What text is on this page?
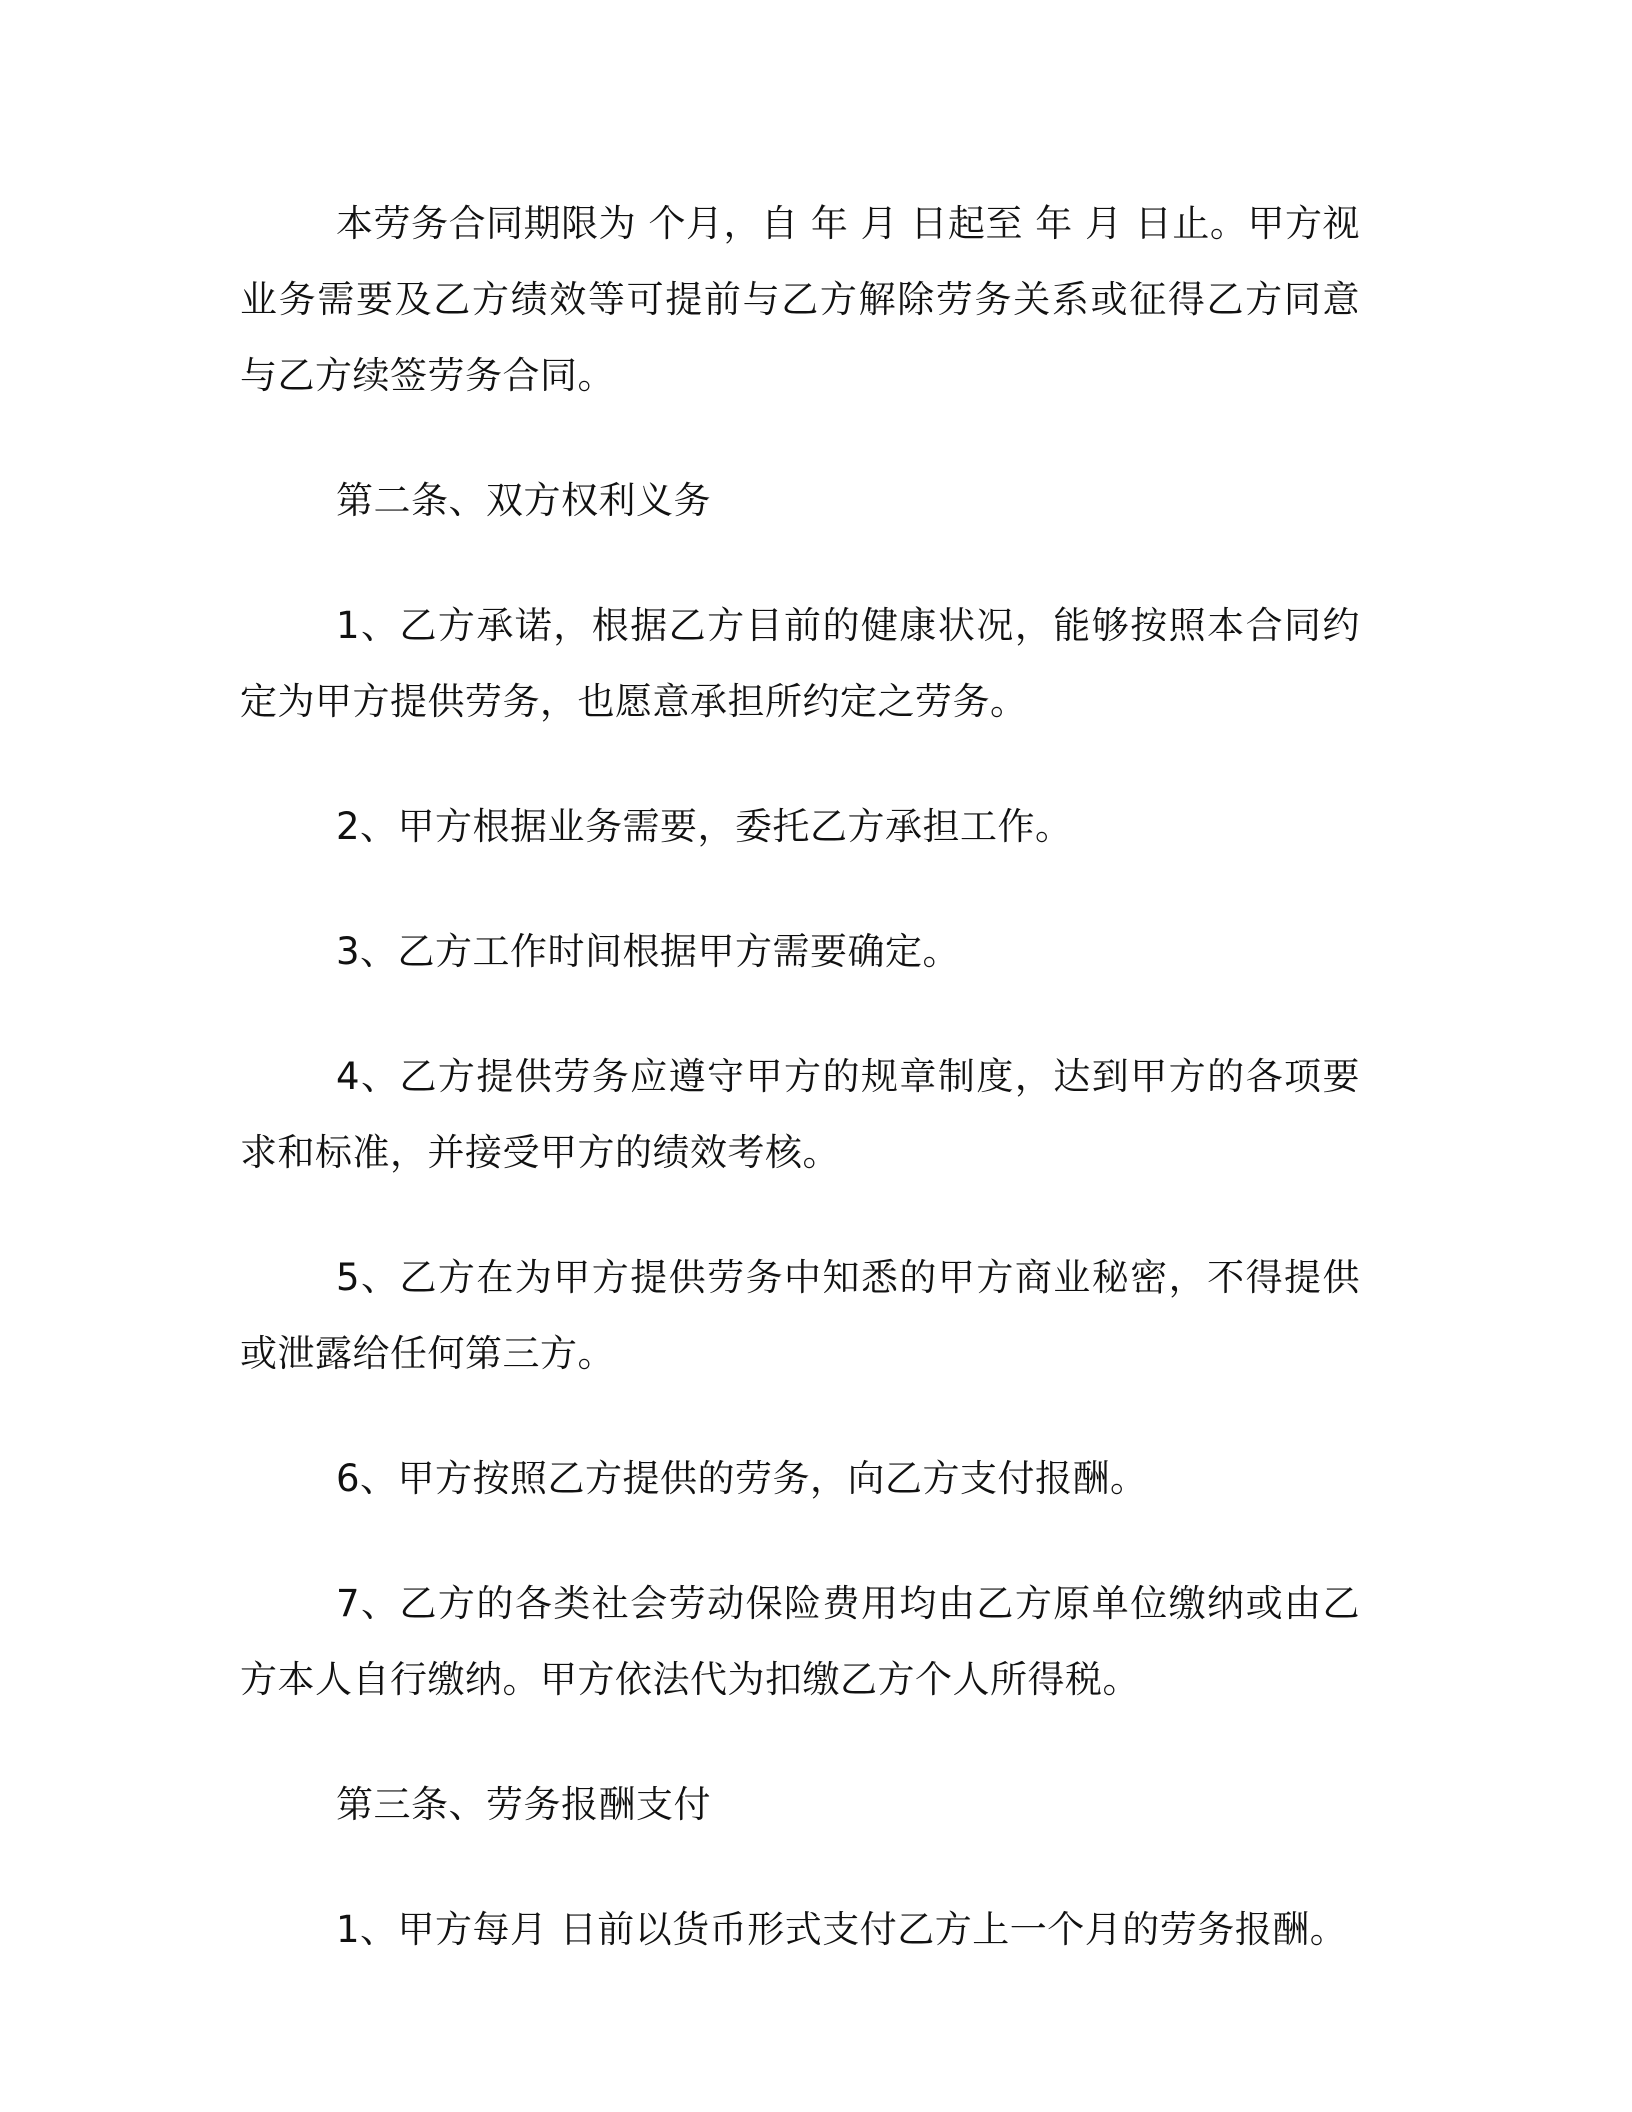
本劳务合同期限为 个月，自 年 月 日起至 年 月 日止。甲方视业务需要及乙方绩效等可提前与乙方解除劳务关系或征得乙方同意与乙方续签劳务合同。

第二条、双方权利义务

1、乙方承诺，根据乙方目前的健康状况，能够按照本合同约定为甲方提供劳务，也愿意承担所约定之劳务。

2、甲方根据业务需要，委托乙方承担工作。

3、乙方工作时间根据甲方需要确定。

4、乙方提供劳务应遵守甲方的规章制度，达到甲方的各项要求和标准，并接受甲方的绩效考核。

5、乙方在为甲方提供劳务中知悉的甲方商业秘密，不得提供或泄露给任何第三方。

6、甲方按照乙方提供的劳务，向乙方支付报酬。

7、乙方的各类社会劳动保险费用均由乙方原单位缴纳或由乙方本人自行缴纳。甲方依法代为扣缴乙方个人所得税。

第三条、劳务报酬支付

1、甲方每月 日前以货币形式支付乙方上一个月的劳务报酬。
